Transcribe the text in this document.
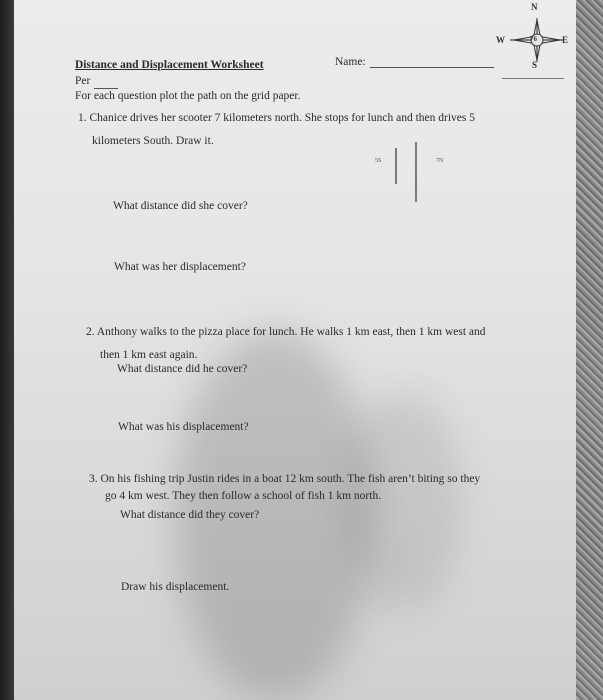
N
S
W	E
76
Distance and Displacement Worksheet	Name:
Per
For each question plot the path on the grid paper.
1. Chanice drives her scooter 7 kilometers north. She stops for lunch and then drives 5
kilometers South. Draw it.
5S	7N
What distance did she cover?
What was her displacement?
2. Anthony walks to the pizza place for lunch. He walks 1 km east, then 1 km west and
then 1 km east again.
What distance did he cover?
What was his displacement?
3. On his fishing trip Justin rides in a boat 12 km south. The fish aren’t biting so they
go 4 km west. They then follow a school of fish 1 km north.
What distance did they cover?
Draw his displacement.
